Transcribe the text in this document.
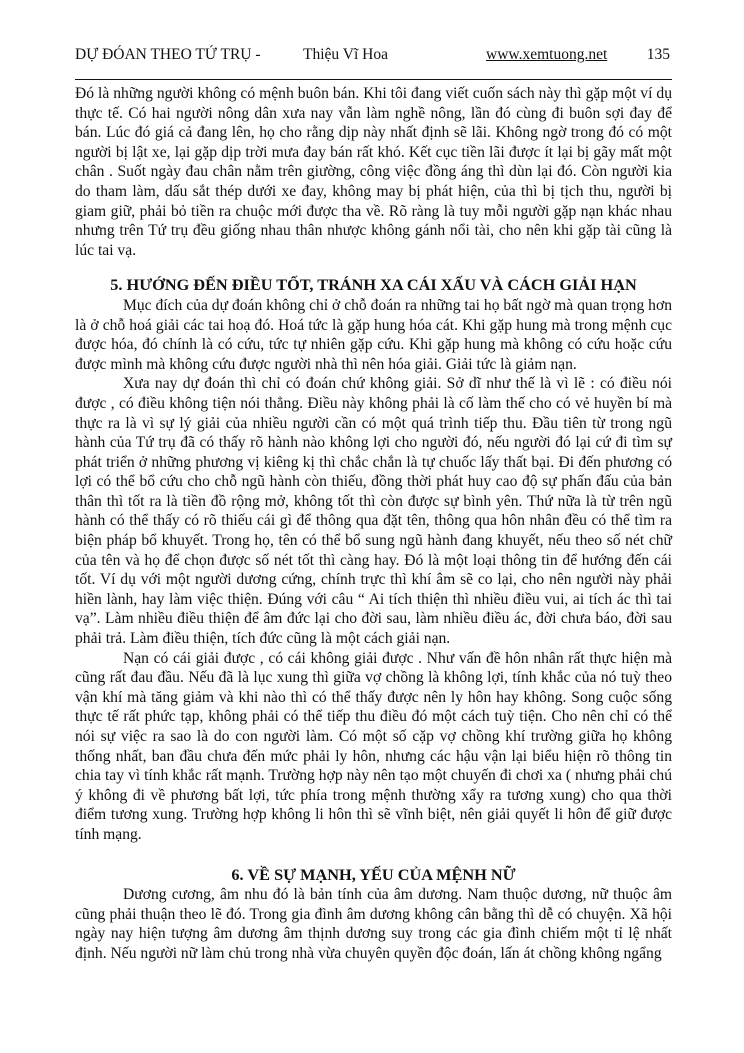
DỰ ĐÓAN THEO TỨ TRỤ -	Thiệu Vĩ Hoa	www.xemtuong.net	135

Đó là những người không có mệnh buôn bán. Khi tôi đang viết cuốn sách này thì gặp một ví dụ thực tế. Có hai người nông dân xưa nay vẫn làm nghề nông, lần đó cùng đi buôn sợi đay để bán. Lúc đó giá cả đang lên, họ cho rằng dịp này nhất định sẽ lãi. Không ngờ trong đó có một người bị lật xe, lại gặp dịp trời mưa đay bán rất khó. Kết cục tiền lãi được ít lại bị gãy mất một chân . Suốt ngày đau chân nằm trên giường, công việc đồng áng thì dùn lại đó. Còn người kia do tham làm, dấu sắt thép dưới xe đay, không may bị phát hiện, của thì bị tịch thu, người bị giam giữ, phải bỏ tiền ra chuộc mới được tha về. Rõ ràng là tuy mỗi người gặp nạn khác nhau nhưng trên Tứ trụ đều giống nhau thân nhược không gánh nổi tài, cho nên khi gặp tài cũng là lúc tai vạ.

5. HƯỚNG ĐẾN ĐIỀU TỐT, TRÁNH XA CÁI XẤU VÀ CÁCH GIẢI HẠN

Mục đích của dự đoán không chỉ ở chỗ đoán ra những tai họ bất ngờ mà quan trọng hơn là ở chỗ hoá giải các tai hoạ đó. Hoá tức là gặp hung hóa cát. Khi gặp hung mà trong mệnh cục được hóa, đó chính là có cứu, tức tự nhiên gặp cứu. Khi gặp hung mà không có cứu hoặc cứu được mình mà không cứu được người nhà thì nên hóa giải. Giải tức là giảm nạn.

Xưa nay dự đoán thì chỉ có đoán chứ không giải. Sở dĩ như thế là vì lẽ : có điều nói được , có điều không tiện nói thẳng. Điều này không phải là cố làm thế cho có vẻ huyền bí mà thực ra là vì sự lý giải của nhiều người cần có một quá trình tiếp thu. Đầu tiên từ trong ngũ hành của Tứ trụ đã có thấy rõ hành nào không lợi cho người đó, nếu người đó lại cứ đi tìm sự phát triển ở những phương vị kiêng kị thì chắc chắn là tự chuốc lấy thất bại. Đi đến phương có lợi có thể bổ cứu cho chỗ ngũ hành còn thiếu, đồng thời phát huy cao độ sự phấn đấu của bản thân thì tốt ra là tiền đồ rộng mở, không tốt thì còn được sự bình yên. Thứ nữa là từ trên ngũ hành có thể thấy có rõ thiếu cái gì để thông qua đặt tên, thông qua hôn nhân đều có thể tìm ra biện pháp bổ khuyết. Trong họ, tên có thể bổ sung ngũ hành đang khuyết, nếu theo số nét chữ của tên và họ để chọn được số nét tốt thì càng hay. Đó là một loại thông tin để hướng đến cái tốt. Ví dụ với một người dương cứng, chính trực thì khí âm sẽ co lại, cho nên người này phải hiền lành, hay làm việc thiện. Đúng với câu “ Ai tích thiện thì nhiều điều vui, ai tích ác thì tai vạ”. Làm nhiều điều thiện để âm đức lại cho đời sau, làm nhiều điều ác, đời chưa báo, đời sau phải trả. Làm điều thiện, tích đức cũng là một cách giải nạn.

Nạn có cái giải được , có cái không giải được . Như vấn đề hôn nhân rất thực hiện mà cũng rất đau đầu. Nếu đã là lục xung thì giữa vợ chồng là không lợi, tính khắc của nó tuỳ theo vận khí mà tăng giảm và khi nào thì có thể thấy được nên ly hôn hay không. Song cuộc sống thực tế rất phức tạp, không phải có thể tiếp thu điều đó một cách tuỳ tiện. Cho nên chỉ có thể nói sự việc ra sao là do con người làm. Có một số cặp vợ chồng khí trường giữa họ không thống nhất, ban đầu chưa đến mức phải ly hôn, nhưng các hậu vận lại biểu hiện rõ thông tin chia tay vì tính khắc rất mạnh. Trường hợp này nên tạo một chuyến đi chơi xa ( nhưng phải chú ý không đi về phương bất lợi, tức phía trong mệnh thường xẩy ra tương xung) cho qua thời điểm tương xung. Trường hợp không li hôn thì sẽ vĩnh biệt, nên giải quyết li hôn để giữ được tính mạng.

6. VỀ SỰ MẠNH, YẾU CỦA MỆNH NỮ

Dương cương, âm nhu đó là bản tính của âm dương. Nam thuộc dương, nữ thuộc âm cũng phải thuận theo lẽ đó. Trong gia đình âm dương không cân bằng thì dễ có chuyện. Xã hội ngày nay hiện tượng âm dương âm thịnh dương suy trong các gia đình chiếm một tỉ lệ nhất định. Nếu người nữ làm chủ trong nhà vừa chuyên quyền độc đoán, lấn át chồng không ngẩng
